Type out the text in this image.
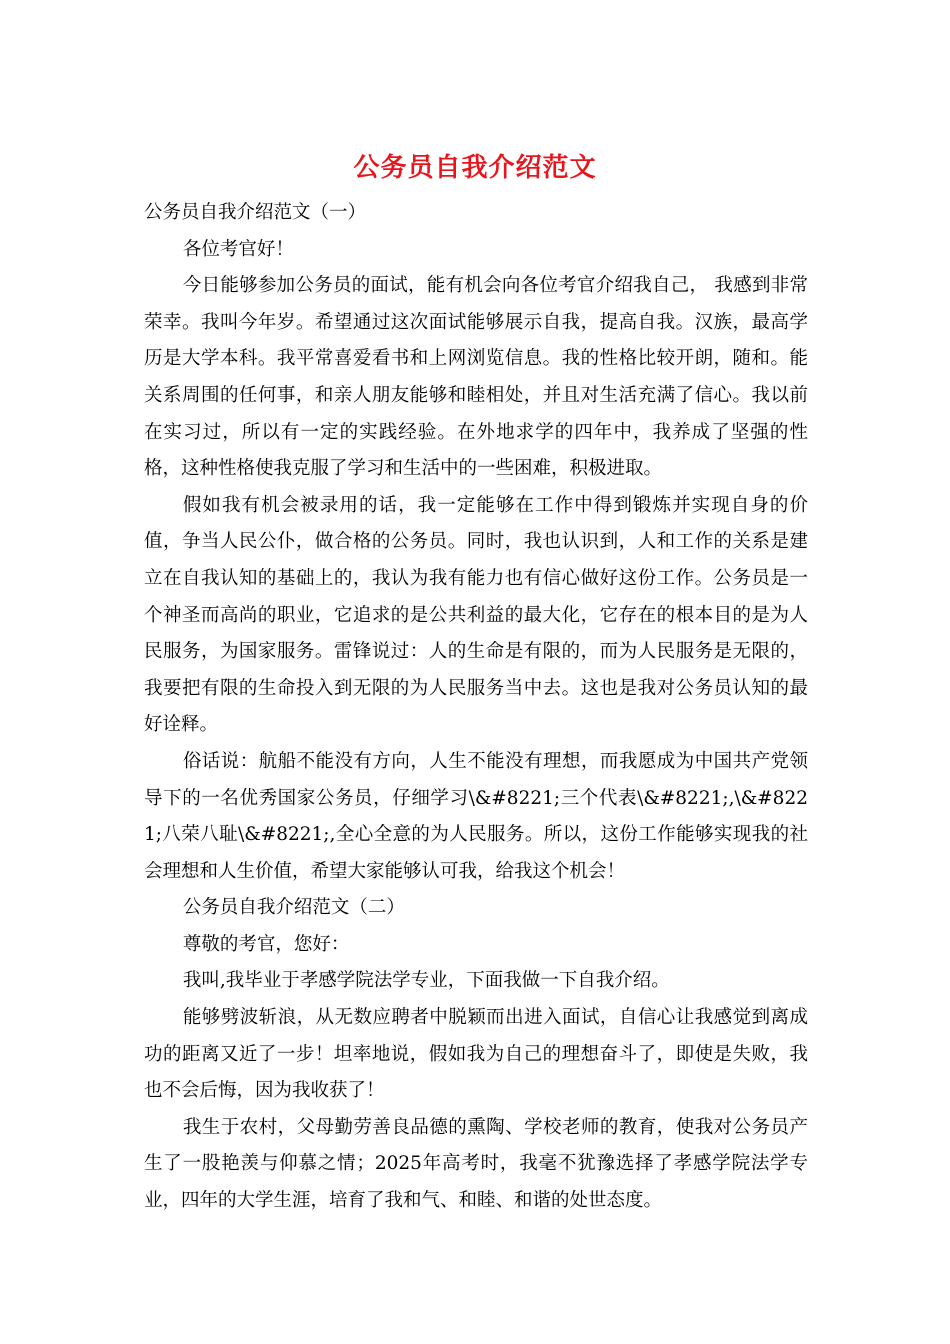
公务员自我介绍范文

公务员自我介绍范文（一）

各位考官好！

今日能够参加公务员的面试，能有机会向各位考官介绍我自己， 我感到非常荣幸。我叫今年岁。希望通过这次面试能够展示自我，提高自我。汉族，最高学历是大学本科。我平常喜爱看书和上网浏览信息。我的性格比较开朗，随和。能关系周围的任何事，和亲人朋友能够和睦相处，并且对生活充满了信心。我以前在实习过，所以有一定的实践经验。在外地求学的四年中，我养成了坚强的性格，这种性格使我克服了学习和生活中的一些困难，积极进取。

假如我有机会被录用的话，我一定能够在工作中得到锻炼并实现自身的价值，争当人民公仆，做合格的公务员。同时，我也认识到，人和工作的关系是建立在自我认知的基础上的，我认为我有能力也有信心做好这份工作。公务员是一个神圣而高尚的职业，它追求的是公共利益的最大化，它存在的根本目的是为人民服务，为国家服务。雷锋说过：人的生命是有限的，而为人民服务是无限的，我要把有限的生命投入到无限的为人民服务当中去。这也是我对公务员认知的最好诠释。

俗话说：航船不能没有方向，人生不能没有理想，而我愿成为中国共产党领导下的一名优秀国家公务员，仔细学习\&#8221;三个代表\&#8221;,\&#8221;八荣八耻\&#8221;,全心全意的为人民服务。所以，这份工作能够实现我的社会理想和人生价值，希望大家能够认可我，给我这个机会！

公务员自我介绍范文（二）

尊敬的考官，您好：

我叫,我毕业于孝感学院法学专业，下面我做一下自我介绍。

能够劈波斩浪，从无数应聘者中脱颖而出进入面试，自信心让我感觉到离成功的距离又近了一步！坦率地说，假如我为自己的理想奋斗了，即使是失败，我也不会后悔，因为我收获了！

我生于农村，父母勤劳善良品德的熏陶、学校老师的教育，使我对公务员产生了一股艳羡与仰慕之情；2025年高考时，我毫不犹豫选择了孝感学院法学专业，四年的大学生涯，培育了我和气、和睦、和谐的处世态度。
